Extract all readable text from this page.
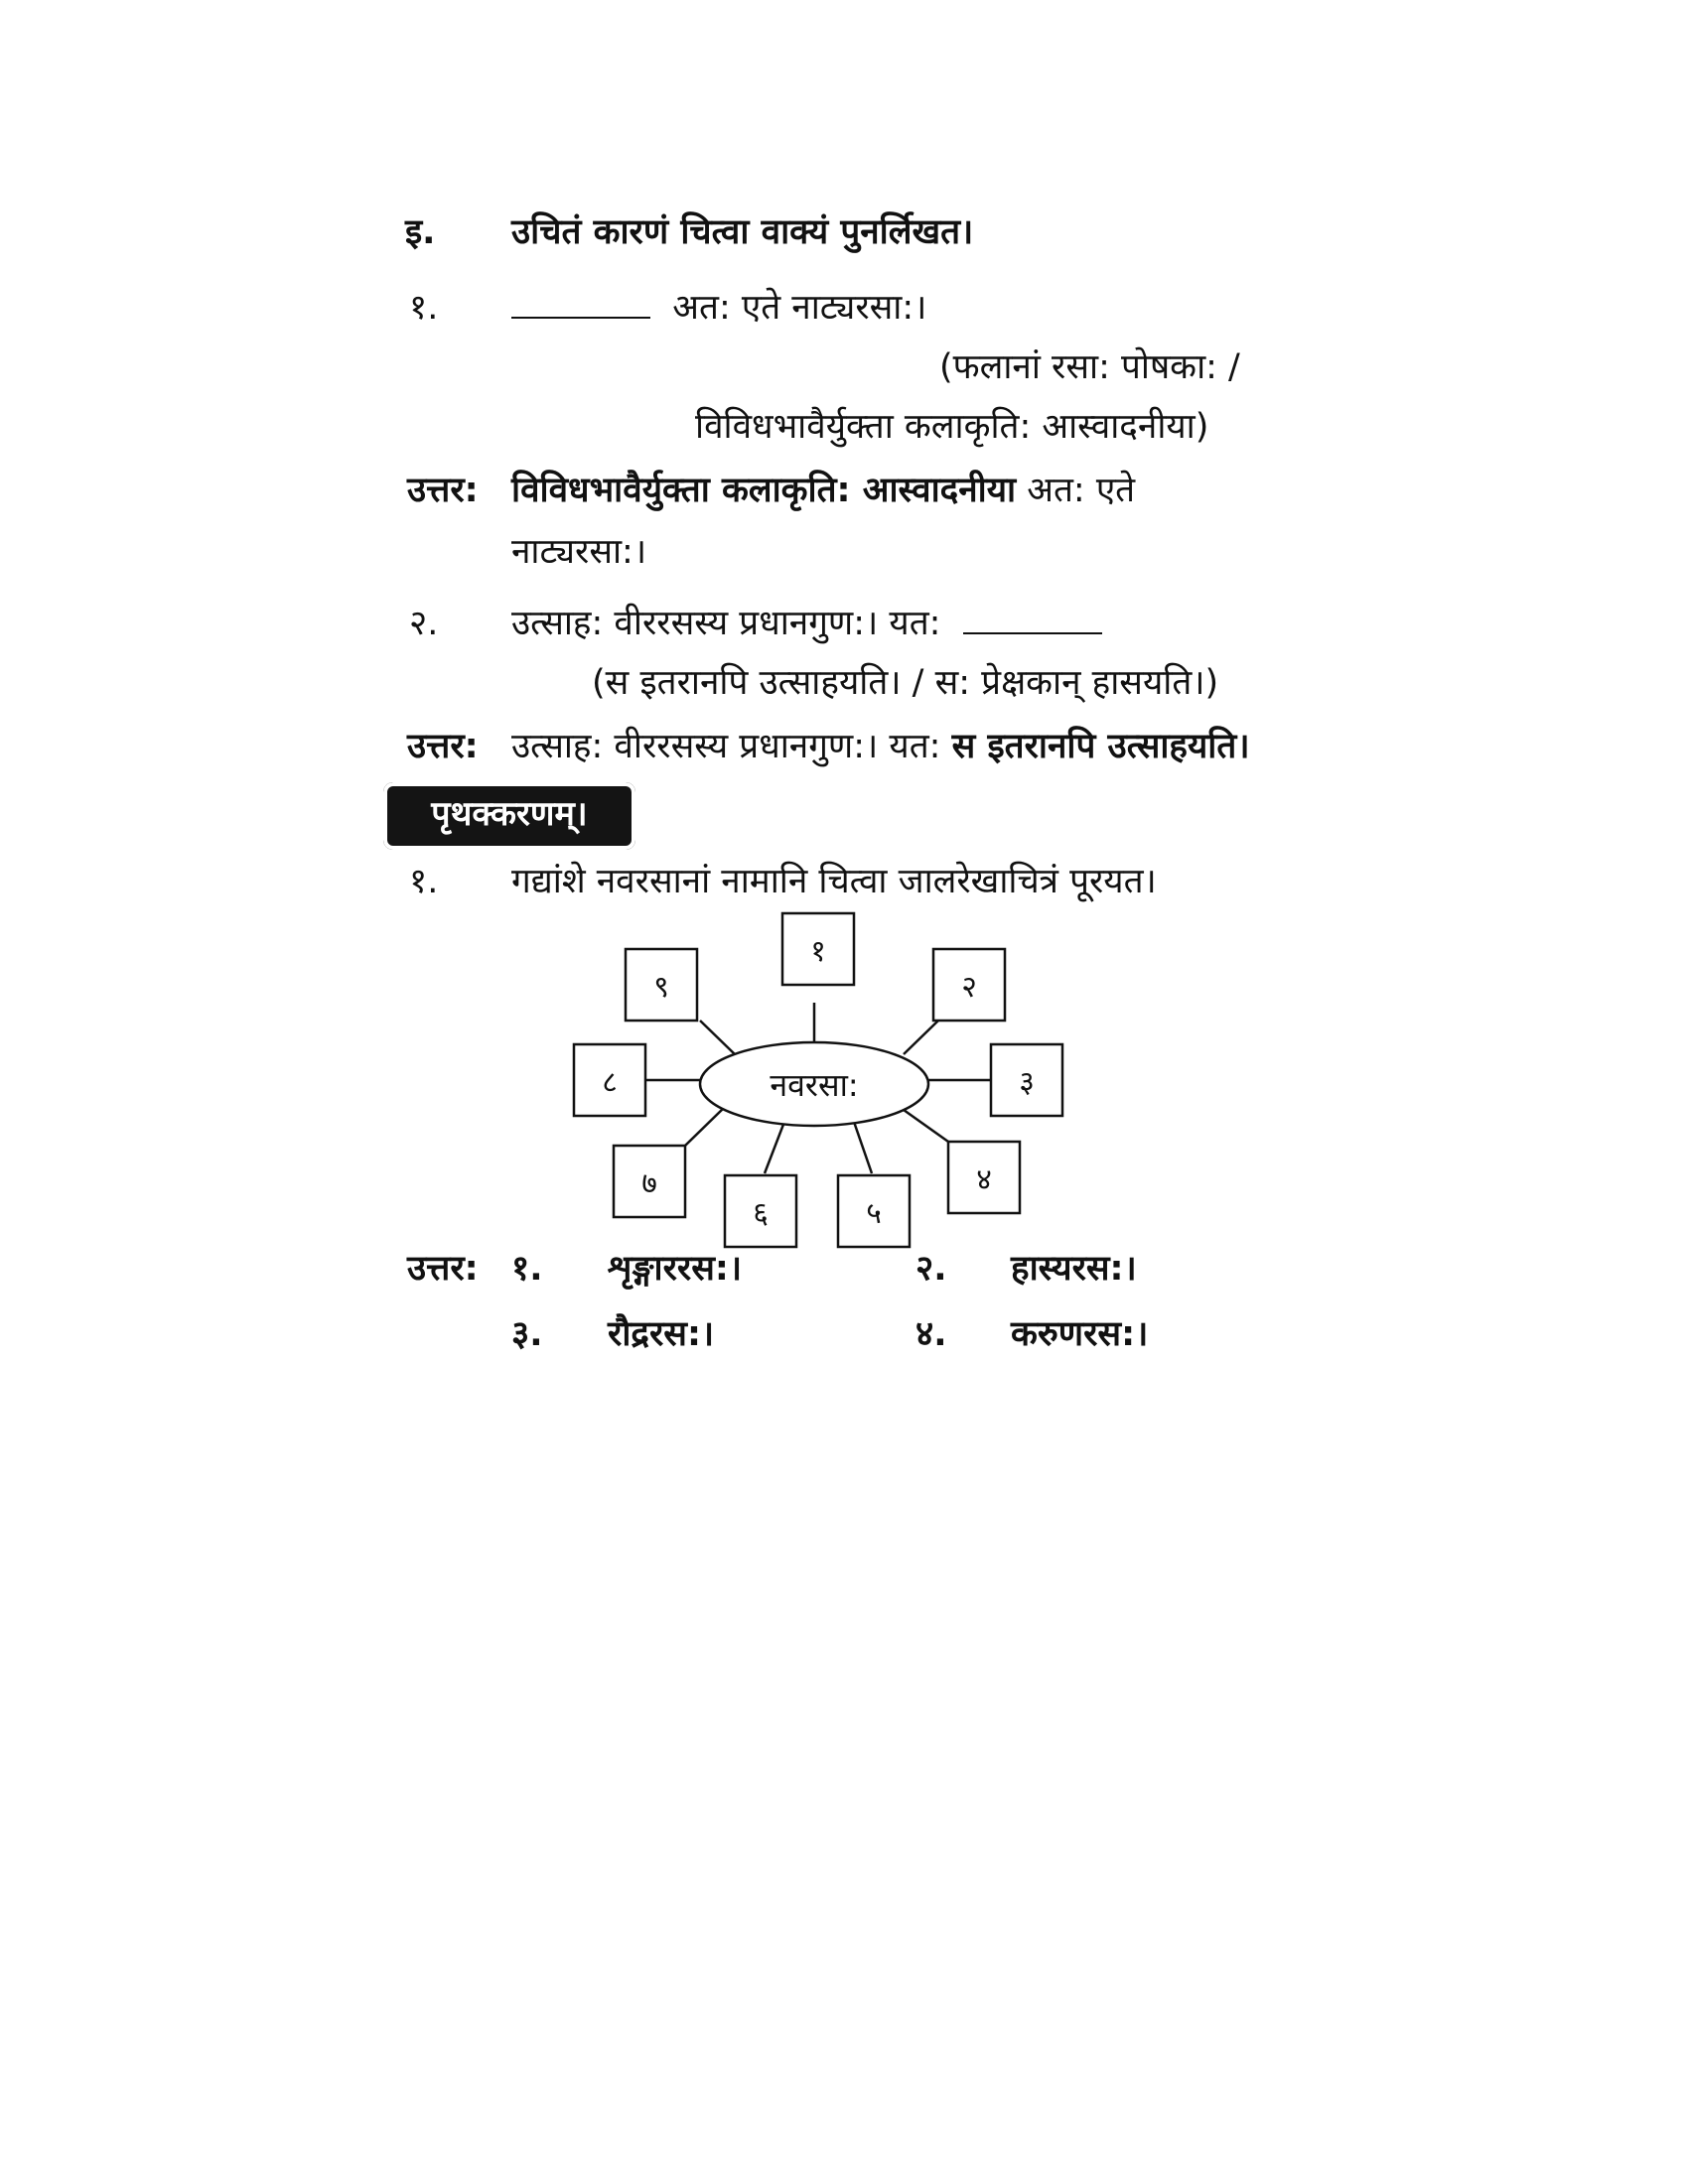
इ. उचितं कारणं चित्वा वाक्यं पुनर्लिखत।
१.	अत: एते नाट्यरसा:।
(फलानां रसा: पोषका: /
विविधभावैर्युक्ता कलाकृति: आस्वादनीया)
उत्तर: विविधभावैर्युक्ता कलाकृति: आस्वादनीया अत: एते
नाट्यरसा:।
२. उत्साह: वीररसस्य प्रधानगुण:। यत:
(स इतरानपि उत्साहयति। / स: प्रेक्षकान् हासयति।)
उत्तर: उत्साह: वीररसस्य प्रधानगुण:। यत: स इतरानपि उत्साहयति।
पृथक्करणम्।
१. गद्यांशे नवरसानां नामानि चित्वा जालरेखाचित्रं पूरयत।
नवरसा:
१
२
३
४
५
६
७
८
९
उत्तर: १. शृङ्गाररस:।	२. हास्यरस:।
३. रौद्ररस:।	४. करुणरस:।
